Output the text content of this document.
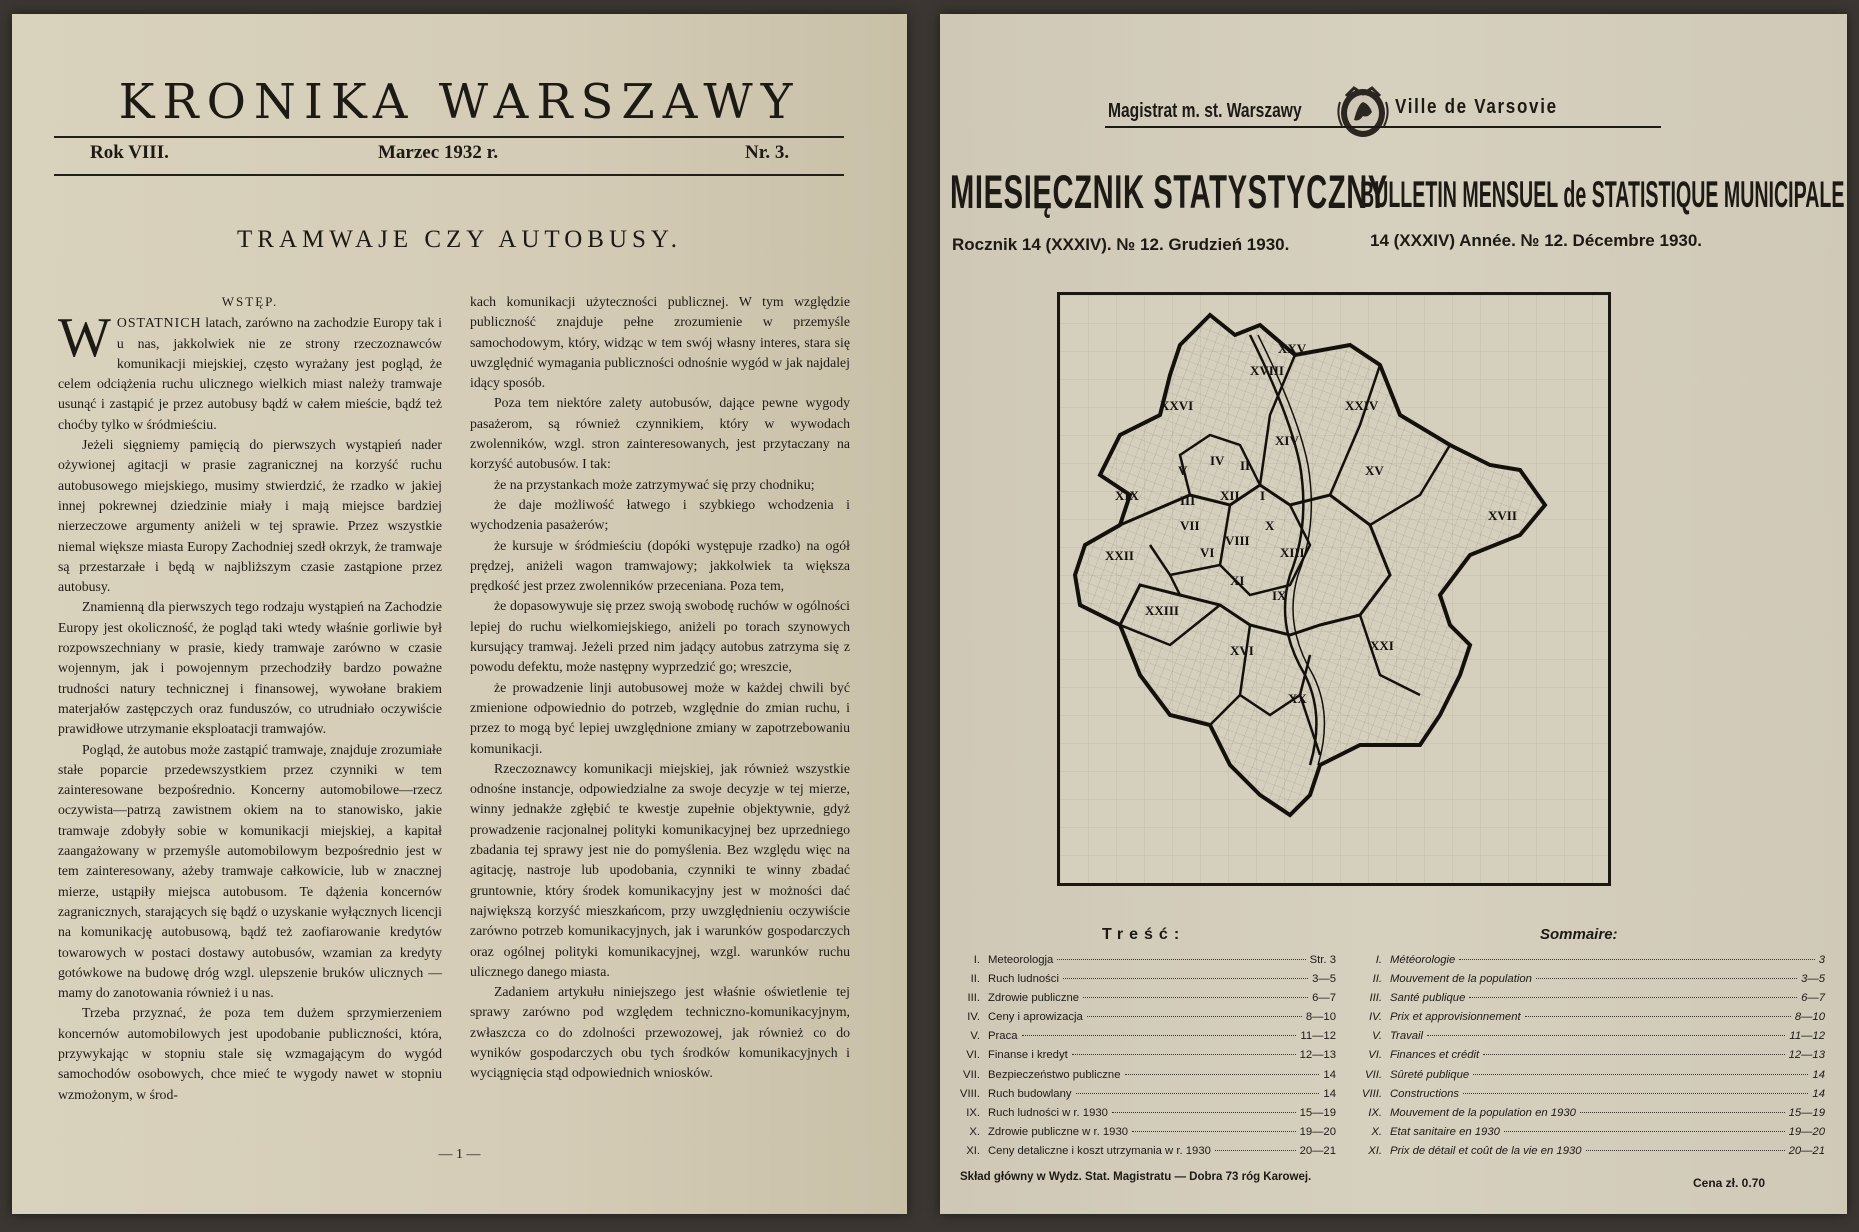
KRONIKA WARSZAWY
Rok VIII.	Marzec 1932 r.	Nr. 3.
TRAMWAJE CZY AUTOBUSY.
WSTĘP.

WOSTATNICH latach, zarówno na zachodzie Europy tak i u nas, jakkolwiek nie ze strony rzeczoznawców komunikacji miejskiej, często wyrażany jest pogląd, że celem odciążenia ruchu ulicznego wielkich miast należy tramwaje usunąć i zastąpić je przez autobusy bądź w całem mieście, bądź też choćby tylko w śródmieściu.

Jeżeli sięgniemy pamięcią do pierwszych wystąpień nader ożywionej agitacji w prasie zagranicznej na korzyść ruchu autobusowego miejskiego, musimy stwierdzić, że rzadko w jakiej innej pokrewnej dziedzinie miały i mają miejsce bardziej nierzeczowe argumenty aniżeli w tej sprawie. Przez wszystkie niemal większe miasta Europy Zachodniej szedł okrzyk, że tramwaje są przestarzałe i będą w najbliższym czasie zastąpione przez autobusy.

Znamienną dla pierwszych tego rodzaju wystąpień na Zachodzie Europy jest okoliczność, że pogląd taki wtedy właśnie gorliwie był rozpowszechniany w prasie, kiedy tramwaje zarówno w czasie wojennym, jak i powojennym przechodziły bardzo poważne trudności natury technicznej i finansowej, wywołane brakiem materjałów zastępczych oraz funduszów, co utrudniało oczywiście prawidłowe utrzymanie eksploatacji tramwajów.

Pogląd, że autobus może zastąpić tramwaje, znajduje zrozumiałe stałe poparcie przedewszystkiem przez czynniki w tem zainteresowane bezpośrednio. Koncerny automobilowe—rzecz oczywista—patrzą zawistnem okiem na to stanowisko, jakie tramwaje zdobyły sobie w komunikacji miejskiej, a kapitał zaangażowany w przemyśle automobilowym bezpośrednio jest w tem zainteresowany, ażeby tramwaje całkowicie, lub w znacznej mierze, ustąpiły miejsca autobusom. Te dążenia koncernów zagranicznych, starających się bądź o uzyskanie wyłącznych licencji na komunikację autobusową, bądź też zaofiarowanie kredytów towarowych w postaci dostawy autobusów, wzamian za kredyty gotówkowe na budowę dróg wzgl. ulepszenie bruków ulicznych — mamy do zanotowania również i u nas.

Trzeba przyznać, że poza tem dużem sprzymierzeniem koncernów automobilowych jest upodobanie publiczności, która, przywykając w stopniu stale się wzmagającym do wygód samochodów osobowych, chce mieć te wygody nawet w stopniu wzmożonym, w środ-

kach komunikacji użyteczności publicznej. W tym względzie publiczność znajduje pełne zrozumienie w przemyśle samochodowym, który, widząc w tem swój własny interes, stara się uwzględnić wymagania publiczności odnośnie wygód w jak najdalej idący sposób.

Poza tem niektóre zalety autobusów, dające pewne wygody pasażerom, są również czynnikiem, który w wywodach zwolenników, wzgl. stron zainteresowanych, jest przytaczany na korzyść autobusów. I tak:

że na przystankach może zatrzymywać się przy chodniku;

że daje możliwość łatwego i szybkiego wchodzenia i wychodzenia pasażerów;

że kursuje w śródmieściu (dopóki występuje rzadko) na ogół prędzej, aniżeli wagon tramwajowy; jakkolwiek ta większa prędkość jest przez zwolenników przeceniana. Poza tem,

że dopasowywuje się przez swoją swobodę ruchów w ogólności lepiej do ruchu wielkomiejskiego, aniżeli po torach szynowych kursujący tramwaj. Jeżeli przed nim jadący autobus zatrzyma się z powodu defektu, może następny wyprzedzić go; wreszcie,

że prowadzenie linji autobusowej może w każdej chwili być zmienione odpowiednio do potrzeb, względnie do zmian ruchu, i przez to mogą być lepiej uwzględnione zmiany w zapotrzebowaniu komunikacji.

Rzeczoznawcy komunikacji miejskiej, jak również wszystkie odnośne instancje, odpowiedzialne za swoje decyzje w tej mierze, winny jednakże zgłębić te kwestje zupełnie objektywnie, gdyż prowadzenie racjonalnej polityki komunikacyjnej bez uprzedniego zbadania tej sprawy jest nie do pomyślenia. Bez względu więc na agitację, nastroje lub upodobania, czynniki te winny zbadać gruntownie, który środek komunikacyjny jest w możności dać największą korzyść mieszkańcom, przy uwzględnieniu oczywiście zarówno potrzeb komunikacyjnych, jak i warunków gospodarczych oraz ogólnej polityki komunikacyjnej, wzgl. warunków ruchu ulicznego danego miasta.

Zadaniem artykułu niniejszego jest właśnie oświetlenie tej sprawy zarówno pod względem techniczno-komunikacyjnym, zwłaszcza co do zdolności przewozowej, jak również co do wyników gospodarczych obu tych środków komunikacyjnych i wyciągnięcia stąd odpowiednich wniosków.

— 1 —
Magistrat m. st. Warszawy	Ville de Varsovie
MIESIĘCZNIK STATYSTYCZNY
BULLETIN MENSUEL de STATISTIQUE MUNICIPALE
Rocznik 14 (XXXIV). № 12. Grudzień 1930.	14 (XXXIV) Année. № 12. Décembre 1930.
XXV
XVIII
XXVI	XXIV
XIV
IV II
V	XV
XIX	III XII I
VII
VIII
X
XVII
XXII	VI	XIII
XI
IX
XXIII
XVI	XXI
XX
Treść:	Sommaire:
I. Meteorologja	Str. 3
II. Ruch ludności	3—5
III. Zdrowie publiczne	6—7
IV. Ceny i aprowizacja	8—10
V. Praca	11—12
VI. Finanse i kredyt	12—13
VII. Bezpieczeństwo publiczne	14
VIII. Ruch budowlany	14
IX. Ruch ludności w r. 1930	15—19
X. Zdrowie publiczne w r. 1930	19—20
XI. Ceny detaliczne i koszt utrzymania w r. 1930	20—21
I. Météorologie	3
II. Mouvement de la population	3—5
III. Santé publique	6—7
IV. Prix et approvisionnement	8—10
V. Travail	11—12
VI. Finances et crédit	12—13
VII. Sûreté publique	14
VIII. Constructions	14
IX. Mouvement de la population en 1930	15—19
X. Etat sanitaire en 1930	19—20
XI. Prix de détail et coût de la vie en 1930	20—21
Skład główny w Wydz. Stat. Magistratu — Dobra 73 róg Karowej.	Cena zł. 0.70
